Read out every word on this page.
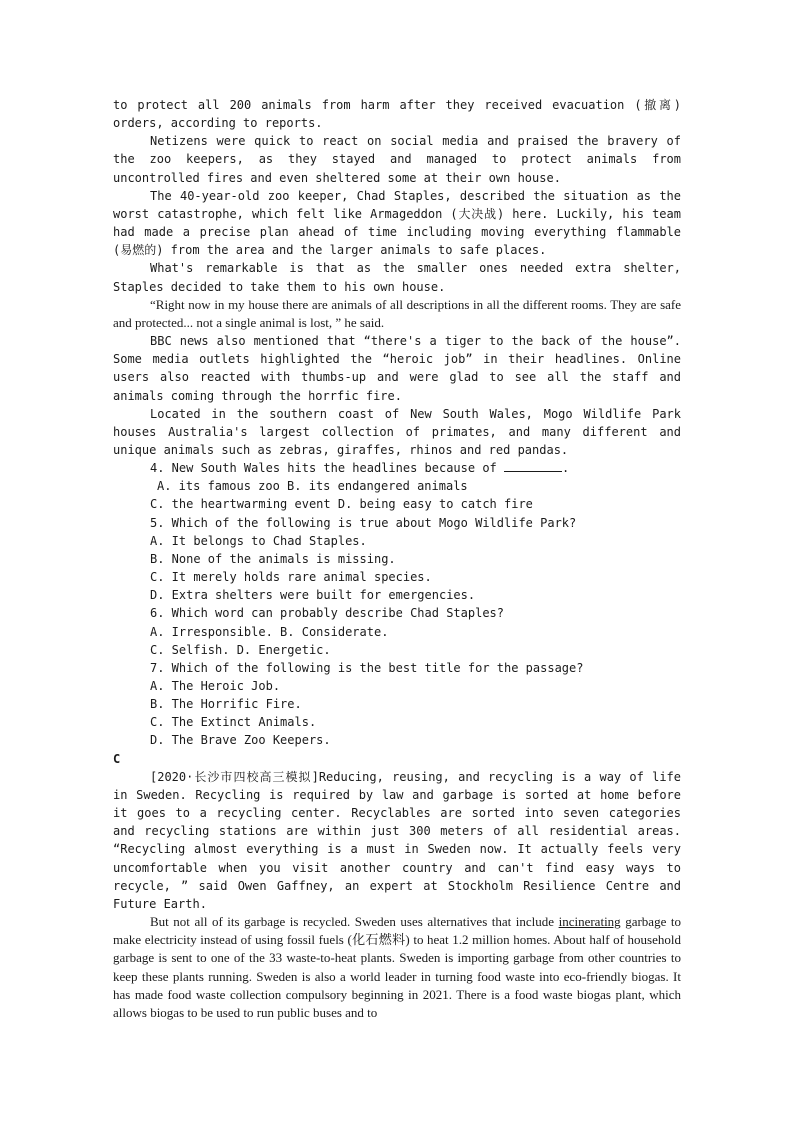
to protect all 200 animals from harm after they received evacuation (撤离) orders, according to reports.

Netizens were quick to react on social media and praised the bravery of the zoo keepers, as they stayed and managed to protect animals from uncontrolled fires and even sheltered some at their own house.

The 40-year-old zoo keeper, Chad Staples, described the situation as the worst catastrophe, which felt like Armageddon (大决战) here. Luckily, his team had made a precise plan ahead of time including moving everything flammable (易燃的) from the area and the larger animals to safe places.

What's remarkable is that as the smaller ones needed extra shelter, Staples decided to take them to his own house.

“Right now in my house there are animals of all descriptions in all the different rooms. They are safe and protected... not a single animal is lost, ” he said.

BBC news also mentioned that “there's a tiger to the back of the house”. Some media outlets highlighted the “heroic job” in their headlines. Online users also reacted with thumbs-up and were glad to see all the staff and animals coming through the horrfic fire.

Located in the southern coast of New South Wales, Mogo Wildlife Park houses Australia's largest collection of primates, and many different and unique animals such as zebras, giraffes, rhinos and red pandas.

4. New South Wales hits the headlines because of	.

A. its famous zoo B. its endangered animals

C. the heartwarming event D. being easy to catch fire

5. Which of the following is true about Mogo Wildlife Park?

A. It belongs to Chad Staples.

B. None of the animals is missing.

C. It merely holds rare animal species.

D. Extra shelters were built for emergencies.

6. Which word can probably describe Chad Staples?

A. Irresponsible. B. Considerate.

C. Selfish. D. Energetic.

7. Which of the following is the best title for the passage?

A. The Heroic Job.

B. The Horrific Fire.

C. The Extinct Animals.

D. The Brave Zoo Keepers.

C

[2020·长沙市四校高三模拟]Reducing, reusing, and recycling is a way of life in Sweden. Recycling is required by law and garbage is sorted at home before it goes to a recycling center. Recyclables are sorted into seven categories and recycling stations are within just 300 meters of all residential areas. “Recycling almost everything is a must in Sweden now. It actually feels very uncomfortable when you visit another country and can't find easy ways to recycle, ” said Owen Gaffney, an expert at Stockholm Resilience Centre and Future Earth.

But not all of its garbage is recycled. Sweden uses alternatives that include incinerating garbage to make electricity instead of using fossil fuels (化石燃料) to heat 1.2 million homes. About half of household garbage is sent to one of the 33 waste-to-heat plants. Sweden is importing garbage from other countries to keep these plants running. Sweden is also a world leader in turning food waste into eco-friendly biogas. It has made food waste collection compulsory beginning in 2021. There is a food waste biogas plant, which allows biogas to be used to run public buses and to
